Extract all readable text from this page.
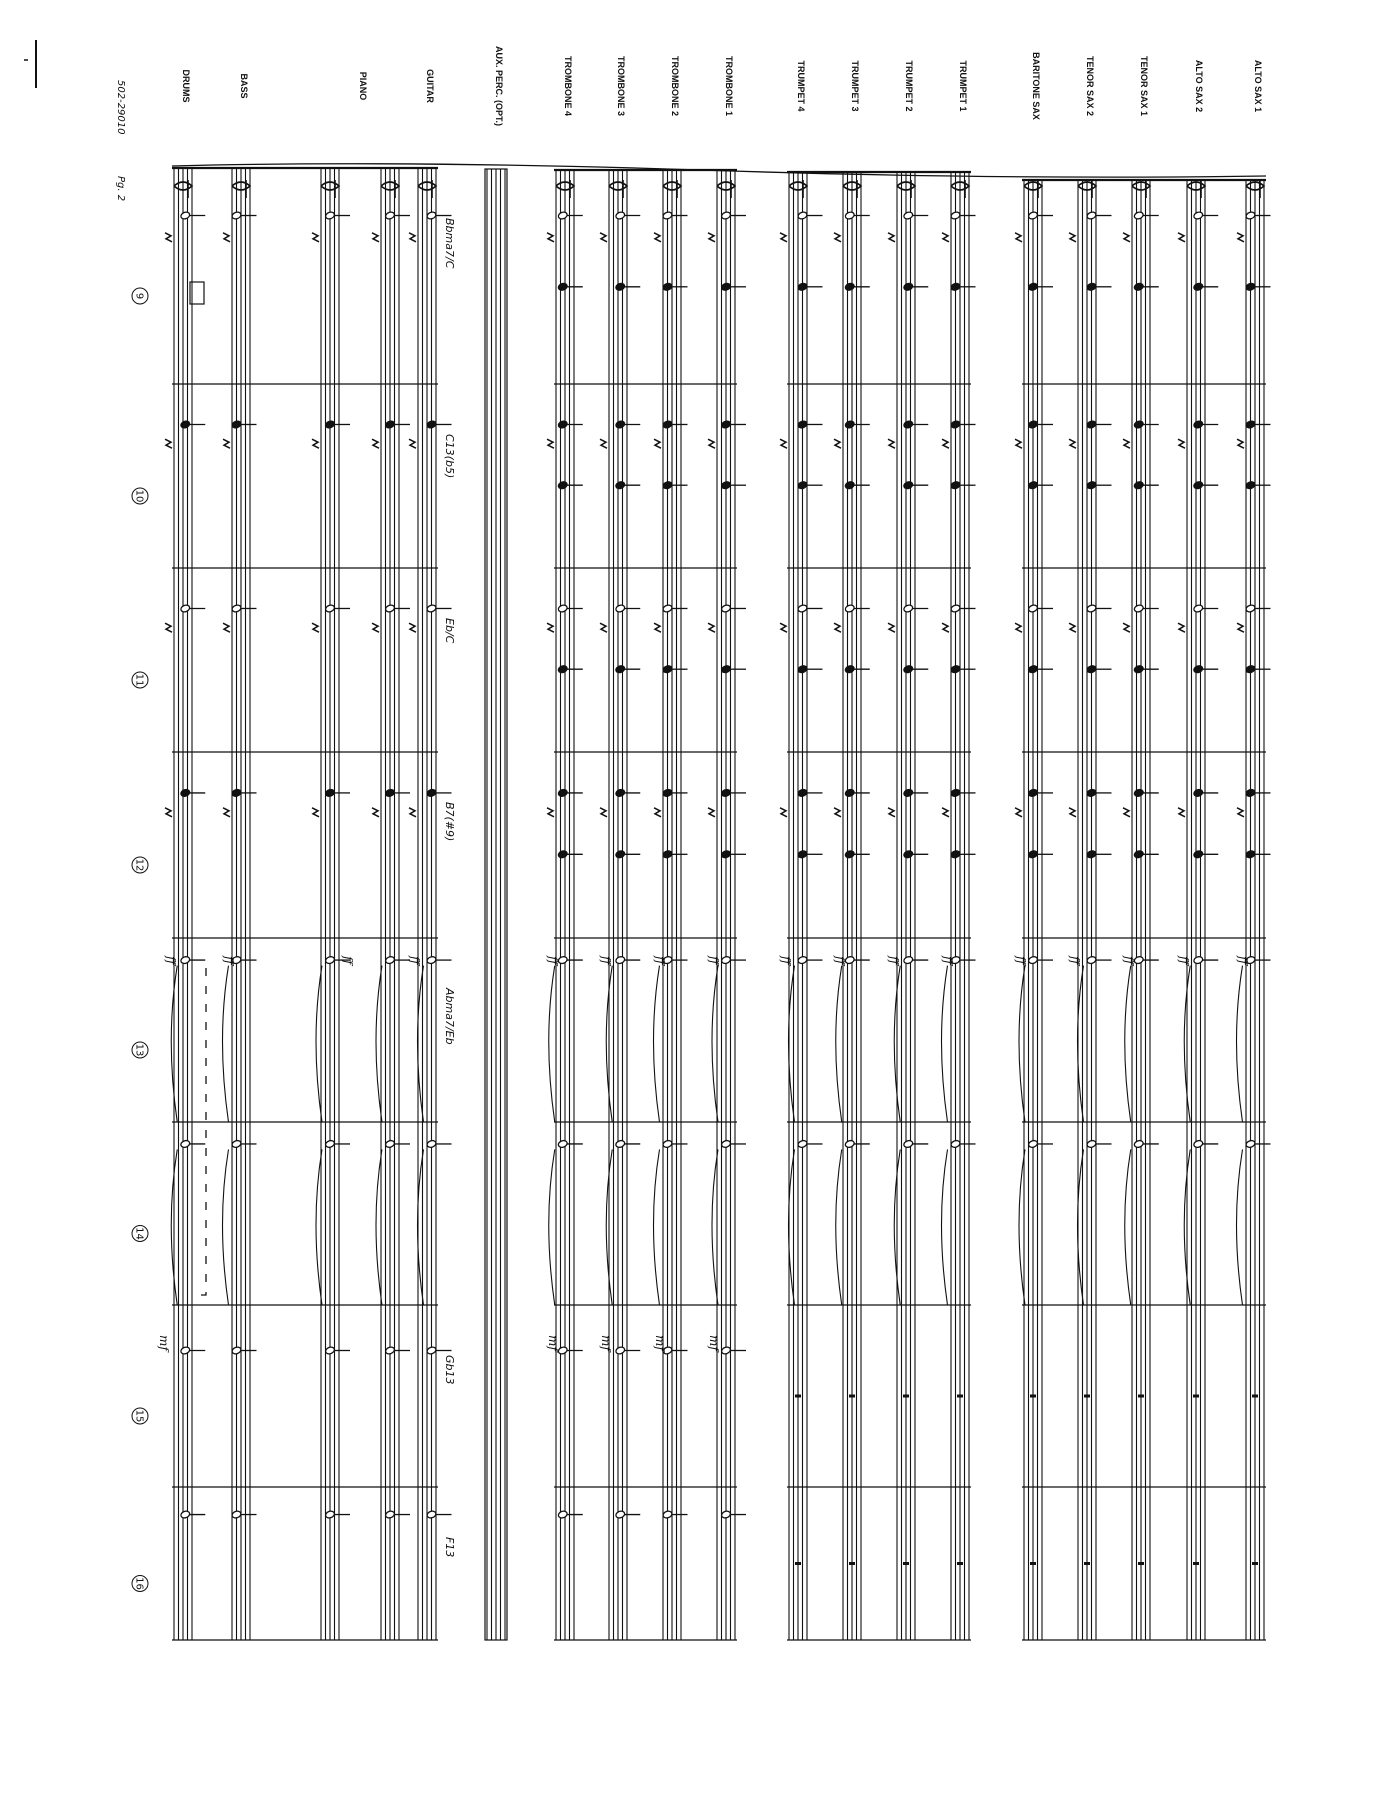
ff
ff
ff
ff
ff
ff
ff
ff
ff
ff
mf
ff
mf
ff
mf
ff
mf
ff
ff
ff
ff
mf
ALTO SAX 1
ALTO SAX 2
TENOR SAX 1
TENOR SAX 2
BARITONE SAX
TRUMPET 1
TRUMPET 2
TRUMPET 3
TRUMPET 4
TROMBONE 1
TROMBONE 2
TROMBONE 3
TROMBONE 4
AUX. PERC. (OPT.)
GUITAR
PIANO
BASS
DRUMS
9
10
11
12
13
14
15
16
Bbma7/C
C13(b5)
Eb/C
B7(#9)
Abma7/Eb
Gb13
F13
502-29010
Pg. 2
